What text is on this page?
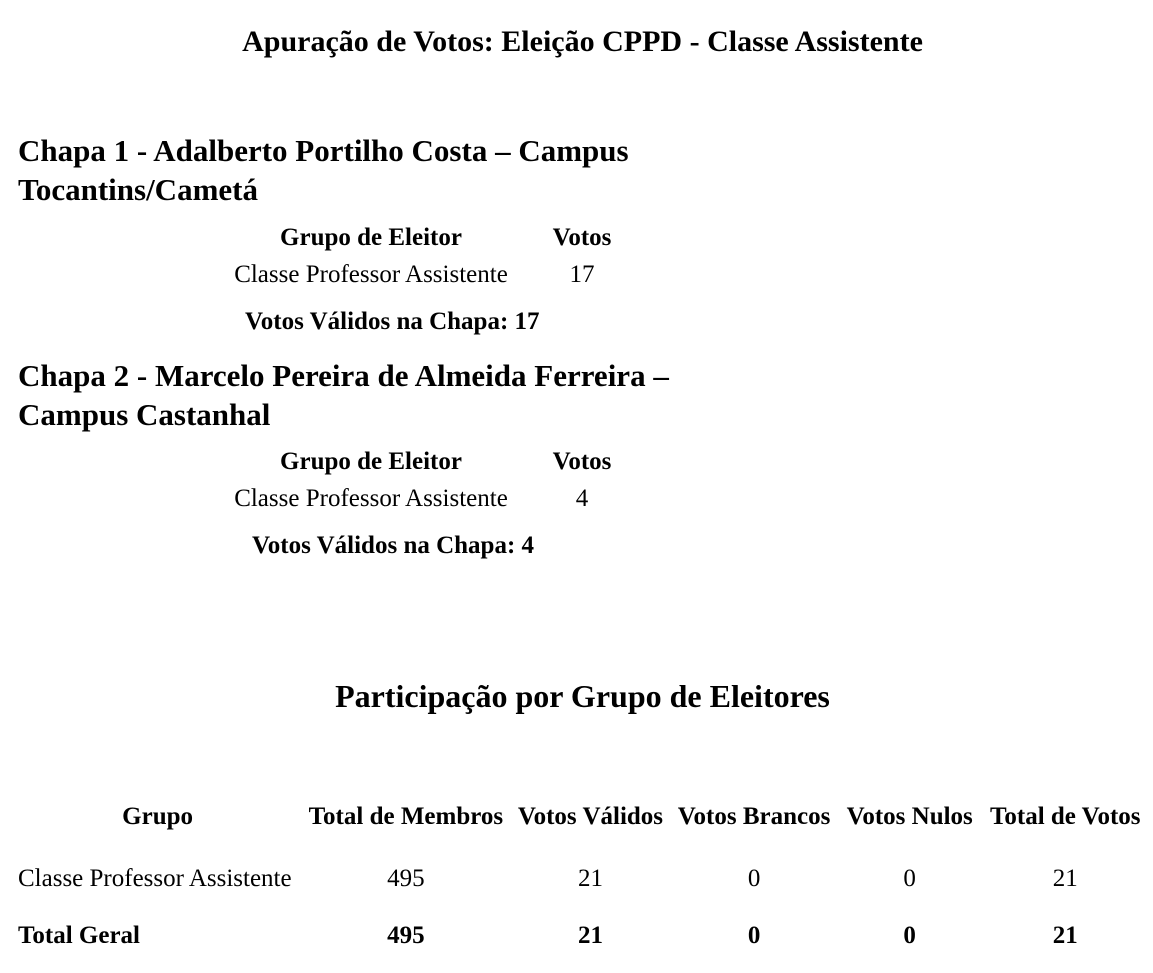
Apuração de Votos: Eleição CPPD - Classe Assistente
Chapa 1 - Adalberto Portilho Costa – Campus Tocantins/Cametá
Grupo de Eleitor	Votos
Classe Professor Assistente	17
Votos Válidos na Chapa: 17
Chapa 2 - Marcelo Pereira de Almeida Ferreira – Campus Castanhal
Grupo de Eleitor	Votos
Classe Professor Assistente	4
Votos Válidos na Chapa: 4
Participação por Grupo de Eleitores
Grupo	Total de Membros	Votos Válidos	Votos Brancos	Votos Nulos	Total de Votos
Classe Professor Assistente	495	21	0	0	21
Total Geral	495	21	0	0	21
